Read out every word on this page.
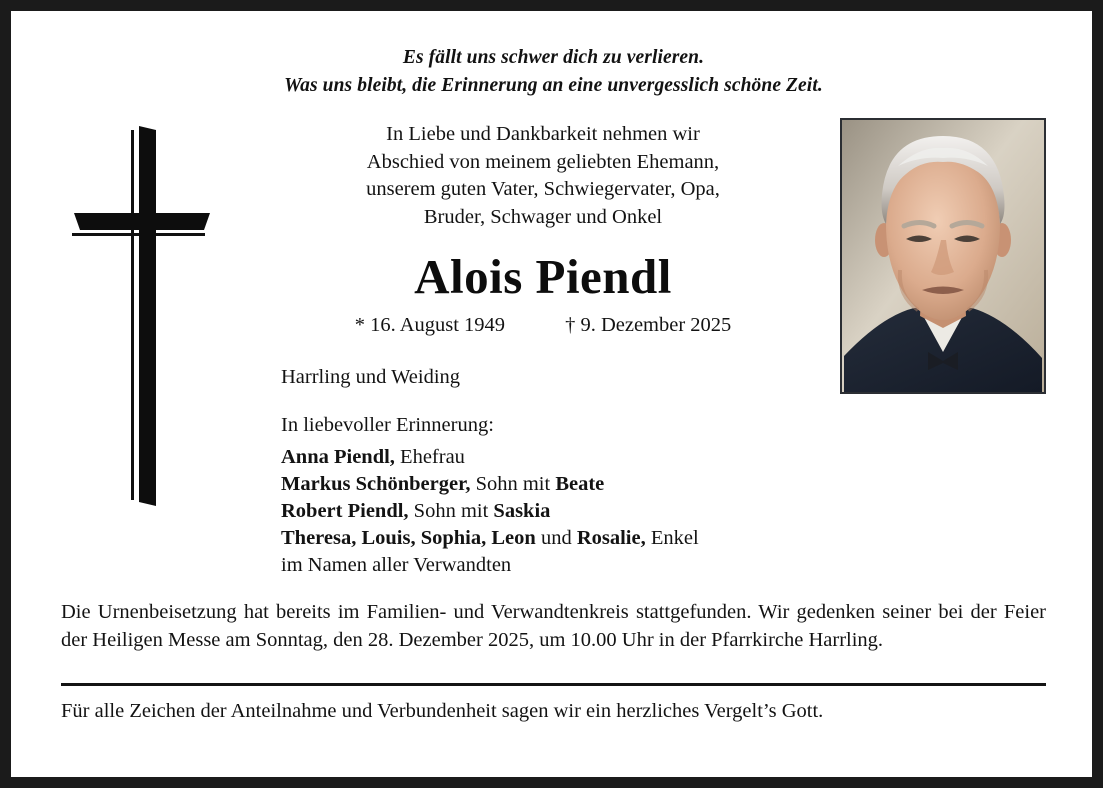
Es fällt uns schwer dich zu verlieren.
Was uns bleibt, die Erinnerung an eine unvergesslich schöne Zeit.
In Liebe und Dankbarkeit nehmen wir
Abschied von meinem geliebten Ehemann,
unserem guten Vater, Schwiegervater, Opa,
Bruder, Schwager und Onkel
Alois Piendl
* 16. August 1949	† 9. Dezember 2025
Harrling und Weiding
In liebevoller Erinnerung:
Anna Piendl, Ehefrau
Markus Schönberger, Sohn mit Beate
Robert Piendl, Sohn mit Saskia
Theresa, Louis, Sophia, Leon und Rosalie, Enkel
im Namen aller Verwandten
Die Urnenbeisetzung hat bereits im Familien- und Verwandtenkreis stattgefunden. Wir gedenken seiner bei der Feier der Heiligen Messe am Sonntag, den 28. Dezember 2025, um 10.00 Uhr in der Pfarrkirche Harrling.
Für alle Zeichen der Anteilnahme und Verbundenheit sagen wir ein herzliches Vergelt’s Gott.
